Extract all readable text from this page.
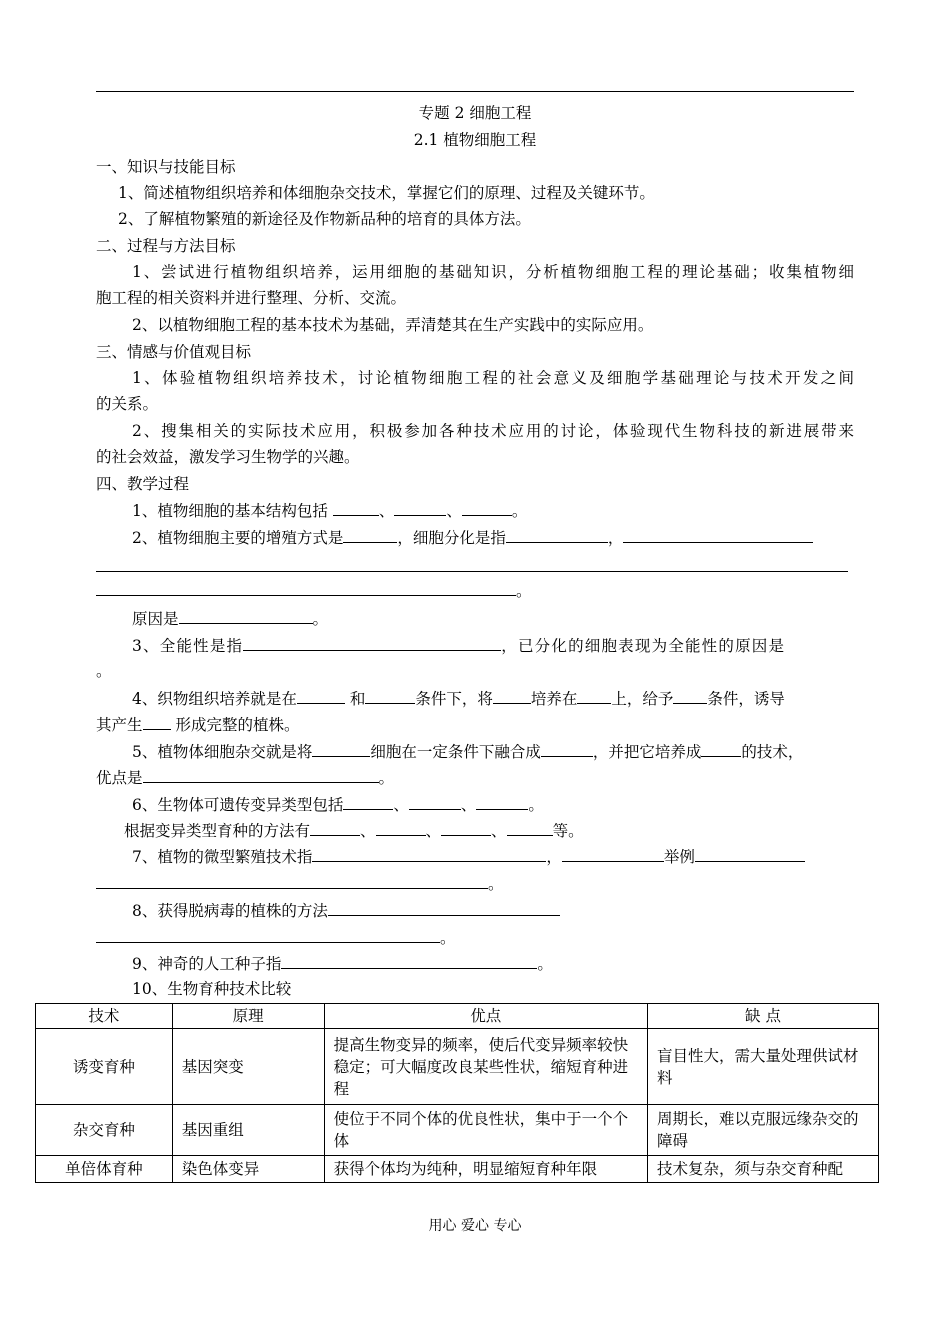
专题 2 细胞工程
2.1 植物细胞工程
一、知识与技能目标
1、简述植物组织培养和体细胞杂交技术，掌握它们的原理、过程及关键环节。
2、了解植物繁殖的新途径及作物新品种的培育的具体方法。
二、过程与方法目标
1、尝试进行植物组织培养，运用细胞的基础知识，分析植物细胞工程的理论基础；收集植物细
胞工程的相关资料并进行整理、分析、交流。
2、以植物细胞工程的基本技术为基础，弄清楚其在生产实践中的实际应用。
三、情感与价值观目标
1、体验植物组织培养技术，讨论植物细胞工程的社会意义及细胞学基础理论与技术开发之间
的关系。
2、搜集相关的实际技术应用，积极参加各种技术应用的讨论，体验现代生物科技的新进展带来
的社会效益，激发学习生物学的兴趣。
四、教学过程
1、植物细胞的基本结构包括	、	、	。
2、植物细胞主要的增殖方式是	，细胞分化是指	，
。
原因是	。
3、全能性是指	，已分化的细胞表现为全能性的原因是
。
4、织物组织培养就是在	和	条件下，将 培养在 上，给予 条件，诱导
其产生 形成完整的植株。
5、植物体细胞杂交就是将	细胞在一定条件下融合成	，并把它培养成	的技术，
优点是	。
6、生物体可遗传变异类型包括	、	、	。
根据变异类型育种的方法有	、	、	、	等。
7、植物的微型繁殖技术指	，	举例
。
8、获得脱病毒的植株的方法
。
9、神奇的人工种子指	。
10、生物育种技术比较
技术	原理	优点	缺 点
诱变育种	基因突变	提高生物变异的频率，使后代变异频率较快稳定；可大幅度改良某些性状，缩短育种进程	盲目性大，需大量处理供试材料
杂交育种	基因重组	使位于不同个体的优良性状，集中于一个个体	周期长，难以克服远缘杂交的障碍
单倍体育种	染色体变异	获得个体均为纯种，明显缩短育种年限	技术复杂，须与杂交育种配
用心 爱心 专心
